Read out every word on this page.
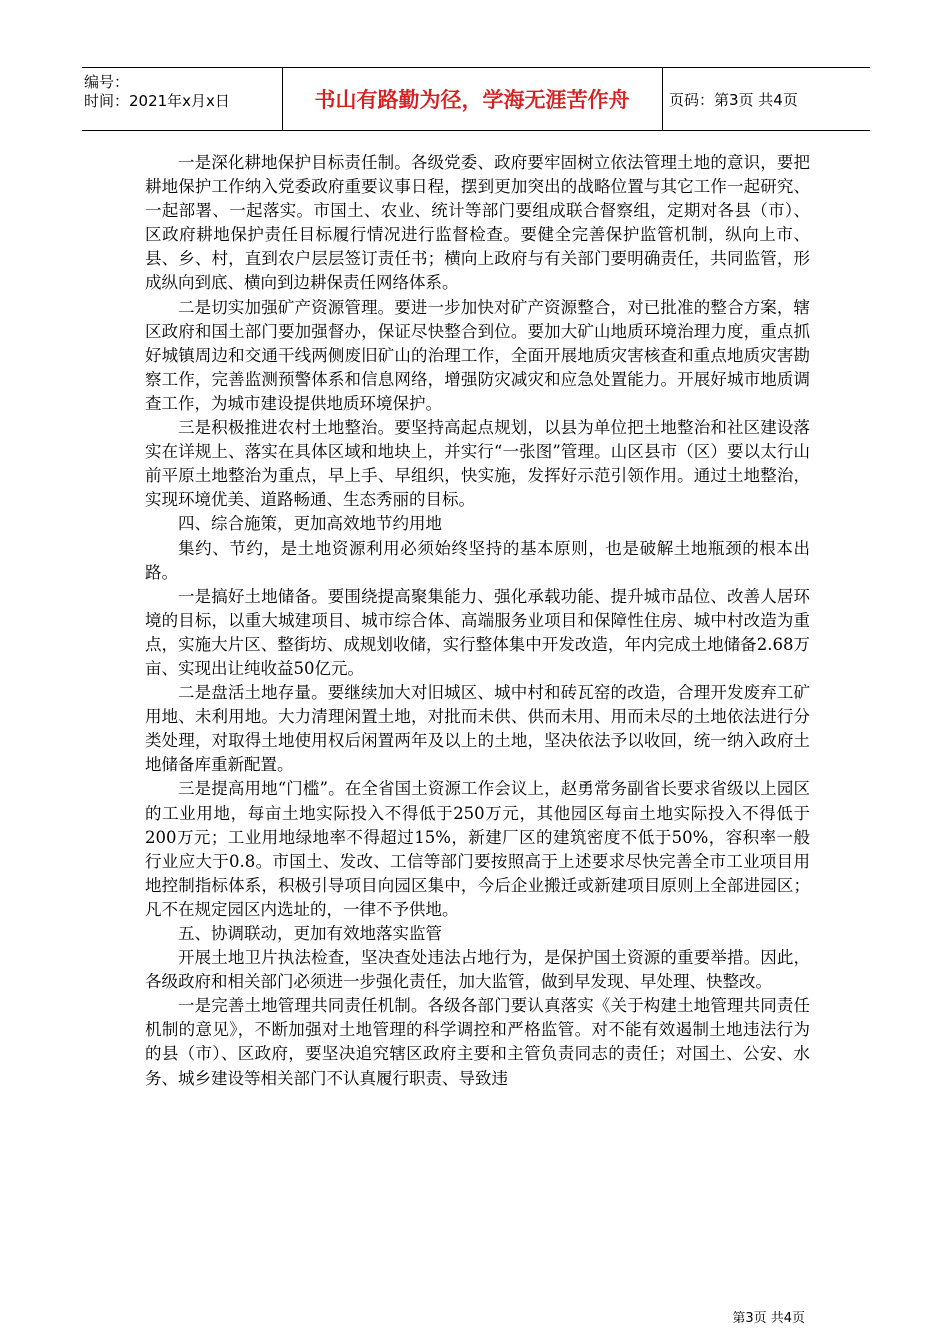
编号：
时间：2021年x月x日	书山有路勤为径，学海无涯苦作舟	页码：第3页 共4页

一是深化耕地保护目标责任制。各级党委、政府要牢固树立依法管理土地的意识，要把耕地保护工作纳入党委政府重要议事日程，摆到更加突出的战略位置与其它工作一起研究、一起部署、一起落实。市国土、农业、统计等部门要组成联合督察组，定期对各县（市）、区政府耕地保护责任目标履行情况进行监督检查。要健全完善保护监管机制，纵向上市、县、乡、村，直到农户层层签订责任书；横向上政府与有关部门要明确责任，共同监管，形成纵向到底、横向到边耕保责任网络体系。

二是切实加强矿产资源管理。要进一步加快对矿产资源整合，对已批准的整合方案，辖区政府和国土部门要加强督办，保证尽快整合到位。要加大矿山地质环境治理力度，重点抓好城镇周边和交通干线两侧废旧矿山的治理工作，全面开展地质灾害核查和重点地质灾害勘察工作，完善监测预警体系和信息网络，增强防灾减灾和应急处置能力。开展好城市地质调查工作，为城市建设提供地质环境保护。

三是积极推进农村土地整治。要坚持高起点规划，以县为单位把土地整治和社区建设落实在详规上、落实在具体区域和地块上，并实行“一张图”管理。山区县市（区）要以太行山前平原土地整治为重点，早上手、早组织，快实施，发挥好示范引领作用。通过土地整治，实现环境优美、道路畅通、生态秀丽的目标。

四、综合施策，更加高效地节约用地

集约、节约，是土地资源利用必须始终坚持的基本原则，也是破解土地瓶颈的根本出路。

一是搞好土地储备。要围绕提高聚集能力、强化承载功能、提升城市品位、改善人居环境的目标，以重大城建项目、城市综合体、高端服务业项目和保障性住房、城中村改造为重点，实施大片区、整街坊、成规划收储，实行整体集中开发改造，年内完成土地储备2.68万亩、实现出让纯收益50亿元。

二是盘活土地存量。要继续加大对旧城区、城中村和砖瓦窑的改造，合理开发废弃工矿用地、未利用地。大力清理闲置土地，对批而未供、供而未用、用而未尽的土地依法进行分类处理，对取得土地使用权后闲置两年及以上的土地，坚决依法予以收回，统一纳入政府土地储备库重新配置。

三是提高用地“门槛”。在全省国土资源工作会议上，赵勇常务副省长要求省级以上园区的工业用地，每亩土地实际投入不得低于250万元，其他园区每亩土地实际投入不得低于200万元；工业用地绿地率不得超过15%，新建厂区的建筑密度不低于50%，容积率一般行业应大于0.8。市国土、发改、工信等部门要按照高于上述要求尽快完善全市工业项目用地控制指标体系，积极引导项目向园区集中，今后企业搬迁或新建项目原则上全部进园区；凡不在规定园区内选址的，一律不予供地。

五、协调联动，更加有效地落实监管

开展土地卫片执法检查，坚决查处违法占地行为，是保护国土资源的重要举措。因此，各级政府和相关部门必须进一步强化责任，加大监管，做到早发现、早处理、快整改。

一是完善土地管理共同责任机制。各级各部门要认真落实《关于构建土地管理共同责任机制的意见》，不断加强对土地管理的科学调控和严格监管。对不能有效遏制土地违法行为的县（市）、区政府，要坚决追究辖区政府主要和主管负责同志的责任；对国土、公安、水务、城乡建设等相关部门不认真履行职责、导致违

第3页 共4页
